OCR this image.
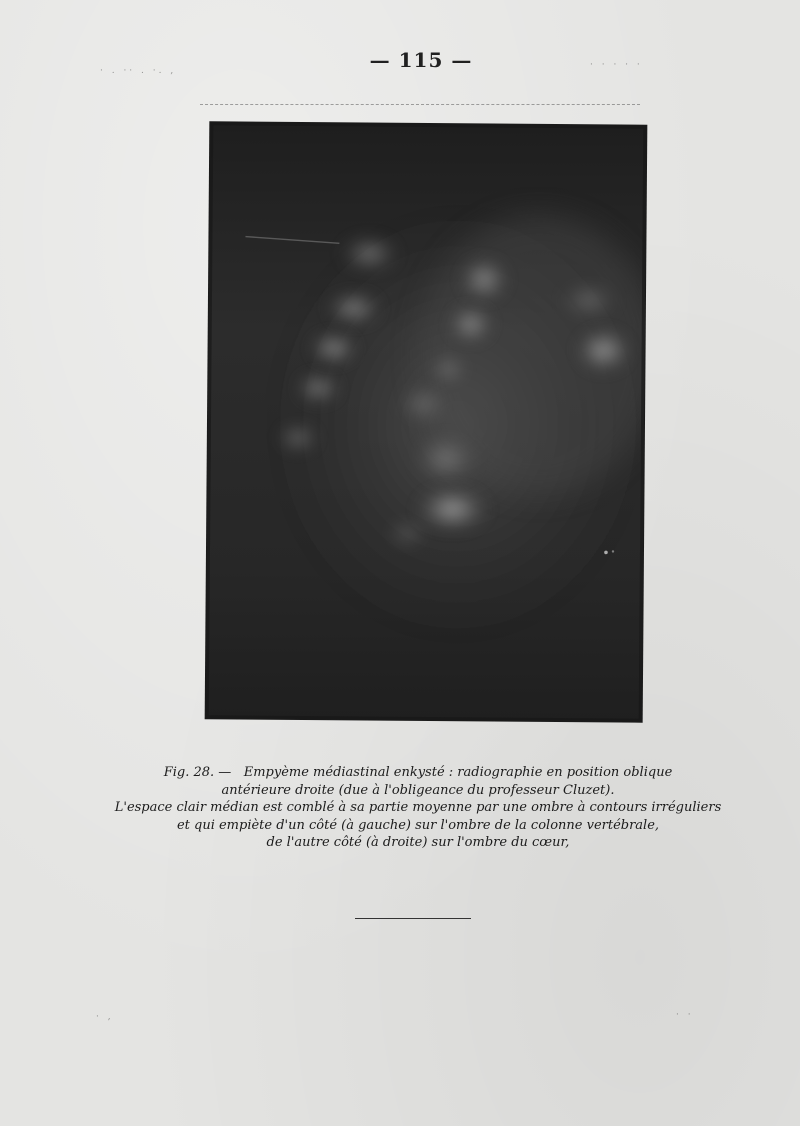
· . ·· . ·. ,
· · · · ·
— 115 —
Fig. 28. — Empyème médiastinal enkysté : radiographie en position oblique
antérieure droite (due à l'obligeance du professeur Cluzet).
L'espace clair médian est comblé à sa partie moyenne par une ombre à contours irréguliers
et qui empiète d'un côté (à gauche) sur l'ombre de la colonne vertébrale,
de l'autre côté (à droite) sur l'ombre du cœur,
· ,	· ·
